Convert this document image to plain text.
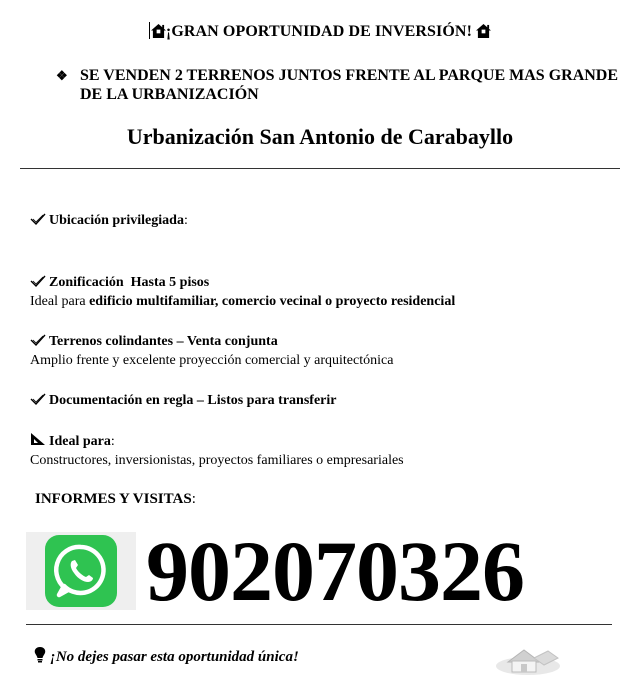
¡GRAN OPORTUNIDAD DE INVERSIÓN!
❖ SE VENDEN 2 TERRENOS JUNTOS FRENTE AL PARQUE MAS GRANDE DE LA URBANIZACIÓN
Urbanización San Antonio de Carabayllo
Ubicación privilegiada:
Zonificación  Hasta 5 pisos
Ideal para edificio multifamiliar, comercio vecinal o proyecto residencial
Terrenos colindantes – Venta conjunta
Amplio frente y excelente proyección comercial y arquitectónica
Documentación en regla – Listos para transferir
Ideal para:
Constructores, inversionistas, proyectos familiares o empresariales
INFORMES Y VISITAS:
902070326
¡No dejes pasar esta oportunidad única!
